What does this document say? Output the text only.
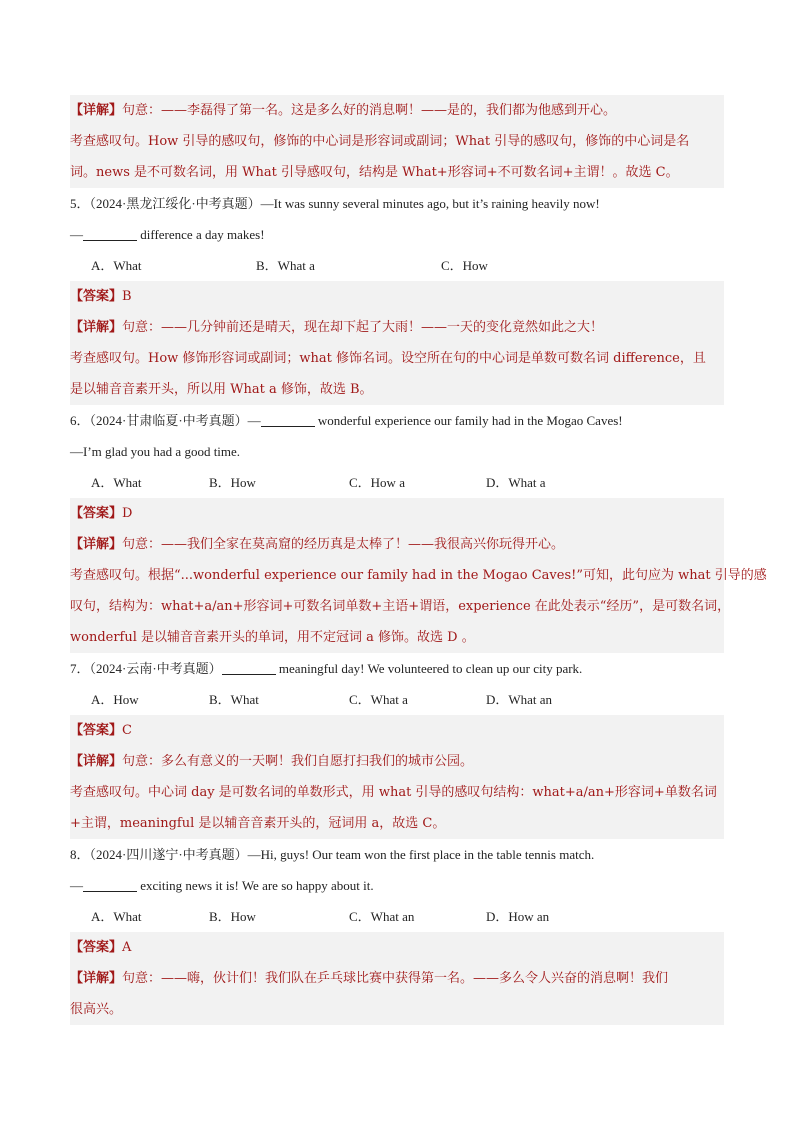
【详解】句意：——李磊得了第一名。这是多么好的消息啊！——是的，我们都为他感到开心。
考查感叹句。How 引导的感叹句，修饰的中心词是形容词或副词；What 引导的感叹句，修饰的中心词是名
词。news 是不可数名词，用 What 引导感叹句，结构是 What+形容词+不可数名词+主谓！。故选 C。
5．（2024·黑龙江绥化·中考真题）—It was sunny several minutes ago, but it’s raining heavily now!
—	difference a day makes!
A．What	B．What a	C．How
【答案】B
【详解】句意：——几分钟前还是晴天，现在却下起了大雨！——一天的变化竟然如此之大！
考查感叹句。How 修饰形容词或副词；what 修饰名词。设空所在句的中心词是单数可数名词 difference，且
是以辅音音素开头，所以用 What a 修饰，故选 B。
6．（2024·甘肃临夏·中考真题）—	wonderful experience our family had in the Mogao Caves!
—I’m glad you had a good time.
A．What	B．How	C．How a	D．What a
【答案】D
【详解】句意：——我们全家在莫高窟的经历真是太棒了！——我很高兴你玩得开心。
考查感叹句。根据“...wonderful experience our family had in the Mogao Caves!”可知，此句应为 what 引导的感
叹句，结构为：what+a/an+形容词+可数名词单数+主语+谓语，experience 在此处表示“经历”，是可数名词，
wonderful 是以辅音音素开头的单词，用不定冠词 a 修饰。故选 D 。
7．（2024·云南·中考真题）	meaningful day! We volunteered to clean up our city park.
A．How	B．What	C．What a	D．What an
【答案】C
【详解】句意：多么有意义的一天啊！我们自愿打扫我们的城市公园。
考查感叹句。中心词 day 是可数名词的单数形式，用 what 引导的感叹句结构：what+a/an+形容词+单数名词
+主谓，meaningful 是以辅音音素开头的，冠词用 a，故选 C。
8．（2024·四川遂宁·中考真题）—Hi, guys! Our team won the first place in the table tennis match.
—	exciting news it is! We are so happy about it.
A．What	B．How	C．What an	D．How an
【答案】A
【详解】句意：——嗨，伙计们！我们队在乒乓球比赛中获得第一名。——多么令人兴奋的消息啊！我们
很高兴。
